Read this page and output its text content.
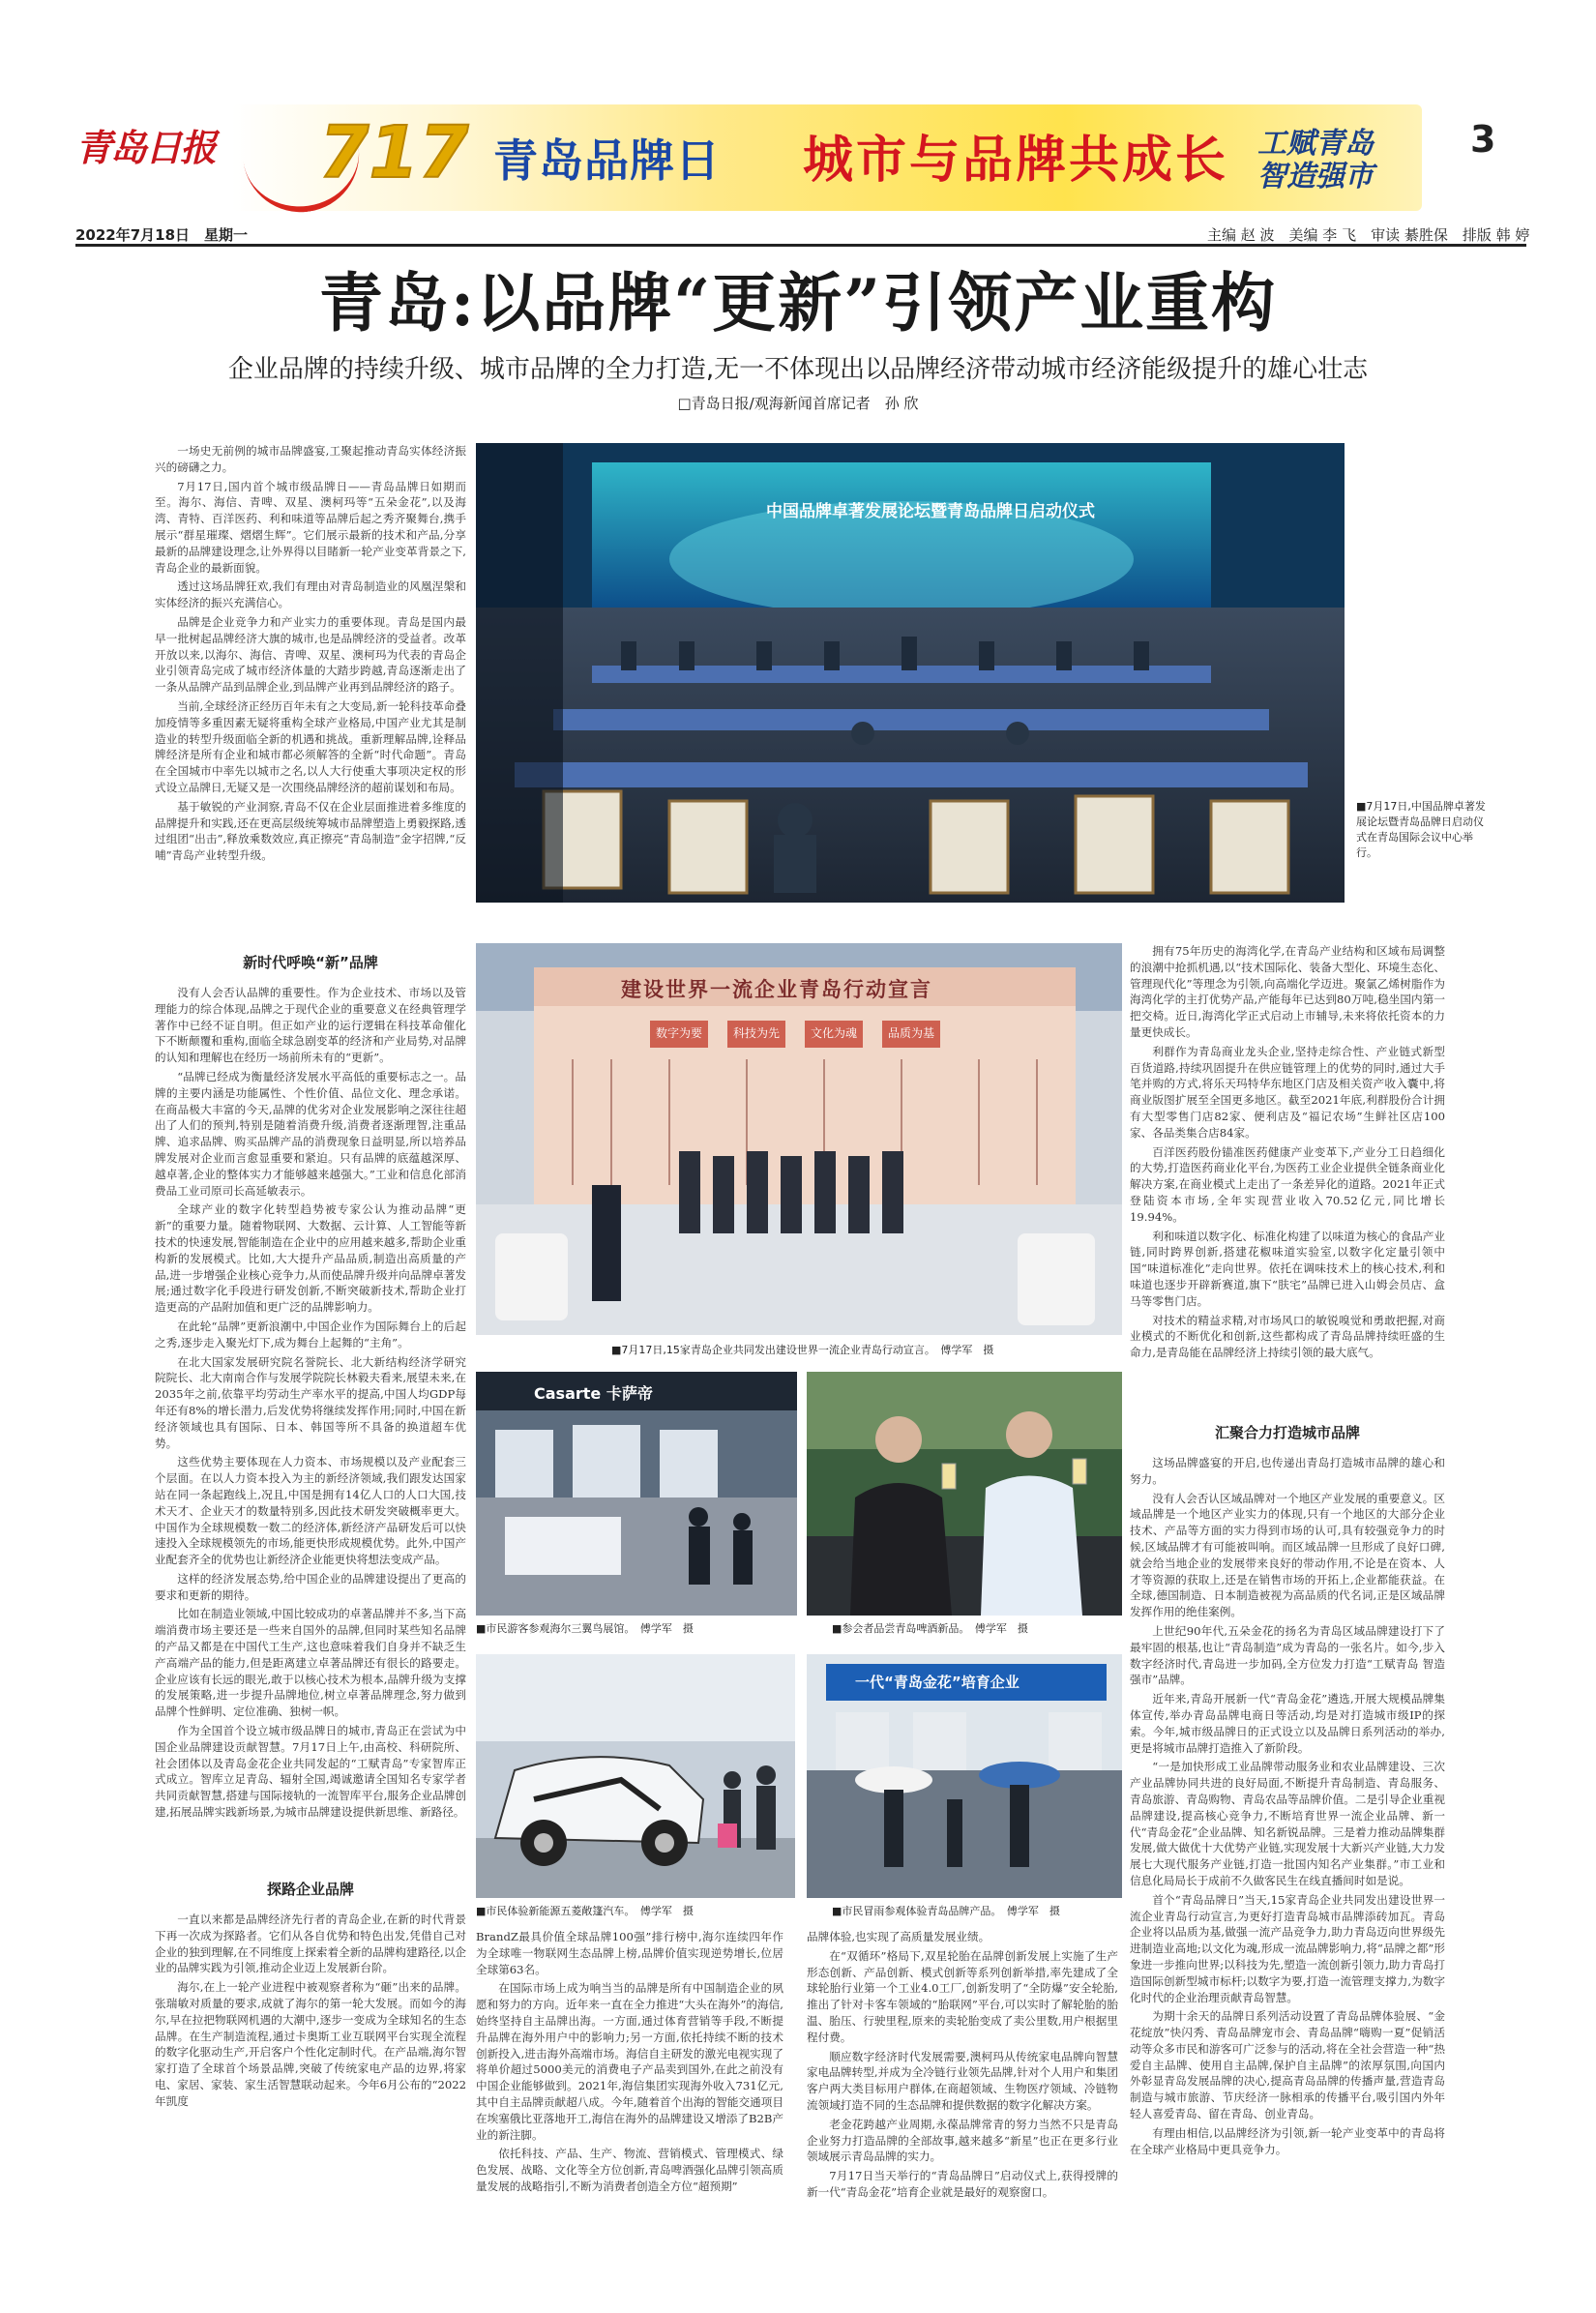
青岛日报 717 青岛品牌日 城市与品牌共成长 工赋青岛
智造强市
3
2022年7月18日　星期一	主编 赵 波　美编 李 飞　审读 綦胜保　排版 韩 婷
青岛:以品牌“更新”引领产业重构
企业品牌的持续升级、城市品牌的全力打造,无一不体现出以品牌经济带动城市经济能级提升的雄心壮志
□青岛日报/观海新闻首席记者　孙 欣

一场史无前例的城市品牌盛宴,工聚起推动青岛实体经济振兴的磅礴之力。

7月17日,国内首个城市级品牌日——青岛品牌日如期而至。海尔、海信、青啤、双星、澳柯玛等“五朵金花”,以及海湾、青特、百洋医药、利和味道等品牌后起之秀齐聚舞台,携手展示“群星璀璨、熠熠生辉”。它们展示最新的技术和产品,分享最新的品牌建设理念,让外界得以目睹新一轮产业变革背景之下,青岛企业的最新面貌。

透过这场品牌狂欢,我们有理由对青岛制造业的风凰涅槃和实体经济的振兴充满信心。

品牌是企业竞争力和产业实力的重要体现。青岛是国内最早一批树起品牌经济大旗的城市,也是品牌经济的受益者。改革开放以来,以海尔、海信、青啤、双星、澳柯玛为代表的青岛企业引领青岛完成了城市经济体量的大踏步跨越,青岛逐渐走出了一条从品牌产品到品牌企业,到品牌产业再到品牌经济的路子。

当前,全球经济正经历百年未有之大变局,新一轮科技革命叠加疫情等多重因素无疑将重构全球产业格局,中国产业尤其是制造业的转型升级面临全新的机遇和挑战。重新理解品牌,诠释品牌经济是所有企业和城市都必须解答的全新“时代命题”。青岛在全国城市中率先以城市之名,以人大行使重大事项决定权的形式设立品牌日,无疑又是一次围绕品牌经济的超前谋划和布局。

基于敏锐的产业洞察,青岛不仅在企业层面推进着多维度的品牌提升和实践,还在更高层级统筹城市品牌塑造上勇毅探路,透过组团“出击”,释放乘数效应,真正擦亮“青岛制造”金字招牌,“反哺”青岛产业转型升级。

中国品牌卓著发展论坛暨青岛品牌日启动仪式
■7月17日,中国品牌卓著发展论坛暨青岛品牌日启动仪式在青岛国际会议中心举行。
新时代呼唤“新”品牌

没有人会否认品牌的重要性。作为企业技术、市场以及管理能力的综合体现,品牌之于现代企业的重要意义在经典管理学著作中已经不证自明。但正如产业的运行逻辑在科技革命催化下不断颠覆和重构,面临全球急剧变革的经济和产业局势,对品牌的认知和理解也在经历一场前所未有的“更新”。

“品牌已经成为衡量经济发展水平高低的重要标志之一。品牌的主要内涵是功能属性、个性价值、品位文化、理念承诺。在商品极大丰富的今天,品牌的优劣对企业发展影响之深往往超出了人们的预判,特别是随着消费升级,消费者逐渐理智,注重品牌、追求品牌、购买品牌产品的消费现象日益明显,所以培养品牌发展对企业而言愈显重要和紧迫。只有品牌的底蕴越深厚、越卓著,企业的整体实力才能够越来越强大。”工业和信息化部消费品工业司原司长高延敏表示。

全球产业的数字化转型趋势被专家公认为推动品牌“更新”的重要力量。随着物联网、大数据、云计算、人工智能等新技术的快速发展,智能制造在企业中的应用越来越多,帮助企业重构新的发展模式。比如,大大提升产品品质,制造出高质量的产品,进一步增强企业核心竞争力,从而使品牌升级并向品牌卓著发展;通过数字化手段进行研发创新,不断突破新技术,帮助企业打造更高的产品附加值和更广泛的品牌影响力。

在此轮“品牌”更新浪潮中,中国企业作为国际舞台上的后起之秀,逐步走入聚光灯下,成为舞台上起舞的“主角”。

在北大国家发展研究院名誉院长、北大新结构经济学研究院院长、北大南南合作与发展学院院长林毅夫看来,展望未来,在2035年之前,依靠平均劳动生产率水平的提高,中国人均GDP每年还有8%的增长潜力,后发优势将继续发挥作用;同时,中国在新经济领域也具有国际、日本、韩国等所不具备的换道超车优势。

这些优势主要体现在人力资本、市场规模以及产业配套三个层面。在以人力资本投入为主的新经济领域,我们跟发达国家站在同一条起跑线上,况且,中国是拥有14亿人口的人口大国,技术天才、企业天才的数量特别多,因此技术研发突破概率更大。中国作为全球规模数一数二的经济体,新经济产品研发后可以快速投入全球规模领先的市场,能更快形成规模优势。此外,中国产业配套齐全的优势也让新经济企业能更快将想法变成产品。

这样的经济发展态势,给中国企业的品牌建设提出了更高的要求和更新的期待。

比如在制造业领域,中国比较成功的卓著品牌并不多,当下高端消费市场主要还是一些来自国外的品牌,但同时某些知名品牌的产品又都是在中国代工生产,这也意味着我们自身并不缺乏生产高端产品的能力,但是距离建立卓著品牌还有很长的路要走。企业应该有长远的眼光,敢于以核心技术为根本,品牌升级为支撑的发展策略,进一步提升品牌地位,树立卓著品牌理念,努力做到品牌个性鲜明、定位准确、独树一帜。

作为全国首个设立城市级品牌日的城市,青岛正在尝试为中国企业品牌建设贡献智慧。7月17日上午,由高校、科研院所、社会团体以及青岛金花企业共同发起的“工赋青岛”专家智库正式成立。智库立足青岛、辐射全国,竭诚邀请全国知名专家学者共同贡献智慧,搭建与国际接轨的一流智库平台,服务企业品牌创建,拓展品牌实践新场景,为城市品牌建设提供新思维、新路径。

探路企业品牌

一直以来都是品牌经济先行者的青岛企业,在新的时代背景下再一次成为探路者。它们从各自优势和特色出发,凭借自己对企业的独到理解,在不同维度上探索着全新的品牌构建路径,以企业的品牌实践为引领,推动企业迈上发展新台阶。

海尔,在上一轮产业进程中被观察者称为“砸”出来的品牌。张瑞敏对质量的要求,成就了海尔的第一轮大发展。而如今的海尔,早在拉把物联网机遇的大潮中,逐步一变成为全球知名的生态品牌。在生产制造流程,通过卡奥斯工业互联网平台实现全流程的数字化驱动生产,开启客户个性化定制时代。在产品端,海尔智家打造了全球首个场景品牌,突破了传统家电产品的边界,将家电、家居、家装、家生活智慧联动起来。今年6月公布的“2022年凯度

建设世界一流企业青岛行动宣言
数字为要	科技为先	文化为魂	品质为基
■7月17日,15家青岛企业共同发出建设世界一流企业青岛行动宣言。　 傅学军　摄
Casarte 卡萨帝
■市民游客参观海尔三翼鸟展馆。　 傅学军　摄	■参会者品尝青岛啤酒新品。　 傅学军　摄
■市民体验新能源五菱敞篷汽车。　 傅学军　摄
一代“青岛金花”培育企业
■市民冒雨参观体验青岛品牌产品。　 傅学军　摄

BrandZ最具价值全球品牌100强”排行榜中,海尔连续四年作为全球唯一物联网生态品牌上榜,品牌价值实现逆势增长,位居全球第63名。

在国际市场上成为响当当的品牌是所有中国制造企业的夙愿和努力的方向。近年来一直在全力推进“大头在海外”的海信,始终坚持自主品牌出海。一方面,通过体育营销等手段,不断提升品牌在海外用户中的影响力;另一方面,依托持续不断的技术创新投入,进击海外高端市场。海信自主研发的激光电视实现了将单价超过5000美元的消费电子产品卖到国外,在此之前没有中国企业能够做到。2021年,海信集团实现海外收入731亿元,其中自主品牌贡献超八成。今年,随着首个出海的智能交通项目在埃塞俄比亚落地开工,海信在海外的品牌建设又增添了B2B产业的新注脚。

依托科技、产品、生产、物流、营销模式、管理模式、绿色发展、战略、文化等全方位创新,青岛啤酒强化品牌引领高质量发展的战略指引,不断为消费者创造全方位“超预期”

品牌体验,也实现了高质量发展业绩。

在“双循环”格局下,双星轮胎在品牌创新发展上实施了生产形态创新、产品创新、模式创新等系列创新举措,率先建成了全球轮胎行业第一个工业4.0工厂,创新发明了“全防爆”安全轮胎,推出了针对卡客车领域的“胎联网”平台,可以实时了解轮胎的胎温、胎压、行驶里程,原来的卖轮胎变成了卖公里数,用户根据里程付费。

顺应数字经济时代发展需要,澳柯玛从传统家电品牌向智慧家电品牌转型,并成为全冷链行业领先品牌,针对个人用户和集团客户两大类目标用户群体,在商超领域、生物医疗领域、冷链物流领域打造不同的生态品牌和提供数据的数字化解决方案。

老金花跨越产业周期,永葆品牌常青的努力当然不只是青岛企业努力打造品牌的全部故事,越来越多“新星”也正在更多行业领域展示青岛品牌的实力。

7月17日当天举行的“青岛品牌日”启动仪式上,获得授牌的新一代“青岛金花”培育企业就是最好的观察窗口。

拥有75年历史的海湾化学,在青岛产业结构和区域布局调整的浪潮中抢抓机遇,以“技术国际化、装备大型化、环境生态化、管理现代化”等理念为引领,向高端化学迈进。聚氯乙烯树脂作为海湾化学的主打优势产品,产能每年已达到80万吨,稳坐国内第一把交椅。近日,海湾化学正式启动上市辅导,未来将依托资本的力量更快成长。

利群作为青岛商业龙头企业,坚持走综合性、产业链式新型百货道路,持续巩固提升在供应链管理上的优势的同时,通过大手笔并购的方式,将乐天玛特华东地区门店及相关资产收入囊中,将商业版图扩展至全国更多地区。截至2021年底,利群股份合计拥有大型零售门店82家、便利店及“福记农场”生鲜社区店100家、各品类集合店84家。

百洋医药股份锚准医药健康产业变革下,产业分工日趋细化的大势,打造医药商业化平台,为医药工业企业提供全链条商业化解决方案,在商业模式上走出了一条差异化的道路。2021年正式登陆资本市场,全年实现营业收入70.52亿元,同比增长19.94%。

利和味道以数字化、标准化构建了以味道为核心的食品产业链,同时跨界创新,搭建花椒味道实验室,以数字化定量引领中国“味道标准化”走向世界。依托在调味技术上的核心技术,利和味道也逐步开辟新赛道,旗下“肤宅”品牌已进入山姆会员店、盒马等零售门店。

对技术的精益求精,对市场风口的敏锐嗅觉和勇敢把握,对商业模式的不断优化和创新,这些都构成了青岛品牌持续旺盛的生命力,是青岛能在品牌经济上持续引领的最大底气。

汇聚合力打造城市品牌

这场品牌盛宴的开启,也传递出青岛打造城市品牌的雄心和努力。

没有人会否认区域品牌对一个地区产业发展的重要意义。区域品牌是一个地区产业实力的体现,只有一个地区的大部分企业技术、产品等方面的实力得到市场的认可,具有较强竞争力的时候,区域品牌才有可能被叫响。而区域品牌一旦形成了良好口碑,就会给当地企业的发展带来良好的带动作用,不论是在资本、人才等资源的获取上,还是在销售市场的开拓上,企业都能获益。在全球,德国制造、日本制造被视为高品质的代名词,正是区域品牌发挥作用的绝佳案例。

上世纪90年代,五朵金花的扬名为青岛区域品牌建设打下了最牢固的根基,也让“青岛制造”成为青岛的一张名片。如今,步入数字经济时代,青岛进一步加码,全方位发力打造“工赋青岛 智造强市”品牌。

近年来,青岛开展新一代“青岛金花”遴选,开展大规模品牌集体宣传,举办青岛品牌电商日等活动,均是对打造城市级IP的探索。今年,城市级品牌日的正式设立以及品牌日系列活动的举办,更是将城市品牌打造推入了新阶段。

“一是加快形成工业品牌带动服务业和农业品牌建设、三次产业品牌协同共进的良好局面,不断提升青岛制造、青岛服务、青岛旅游、青岛购物、青岛农品等品牌价值。二是引导企业重视品牌建设,提高核心竞争力,不断培育世界一流企业品牌、新一代“青岛金花”企业品牌、知名新锐品牌。三是着力推动品牌集群发展,做大做优十大优势产业链,实现发展十大新兴产业链,大力发展七大现代服务产业链,打造一批国内知名产业集群。”市工业和信息化局局长于成前不久做客民生在线直播间时如是说。

首个“青岛品牌日”当天,15家青岛企业共同发出建设世界一流企业青岛行动宣言,为更好打造青岛城市品牌添砖加瓦。青岛企业将以品质为基,做强一流产品竞争力,助力青岛迈向世界级先进制造业高地;以文化为魂,形成一流品牌影响力,将“品牌之都”形象进一步推向世界;以科技为先,塑造一流创新引领力,助力青岛打造国际创新型城市标杆;以数字为要,打造一流管理支撑力,为数字化时代的企业治理贡献青岛智慧。

为期十余天的品牌日系列活动设置了青岛品牌体验展、“金花绽放”快闪秀、青岛品牌宠市会、青岛品牌“嗨购一夏”促销活动等众多市民和游客可广泛参与的活动,将在全社会营造一种“热爱自主品牌、使用自主品牌,保护自主品牌”的浓厚氛围,向国内外彰显青岛发展品牌的决心,提高青岛品牌的传播声量,营造青岛制造与城市旅游、节庆经济一脉相承的传播平台,吸引国内外年轻人喜爱青岛、留在青岛、创业青岛。

有理由相信,以品牌经济为引领,新一轮产业变革中的青岛将在全球产业格局中更具竞争力。
